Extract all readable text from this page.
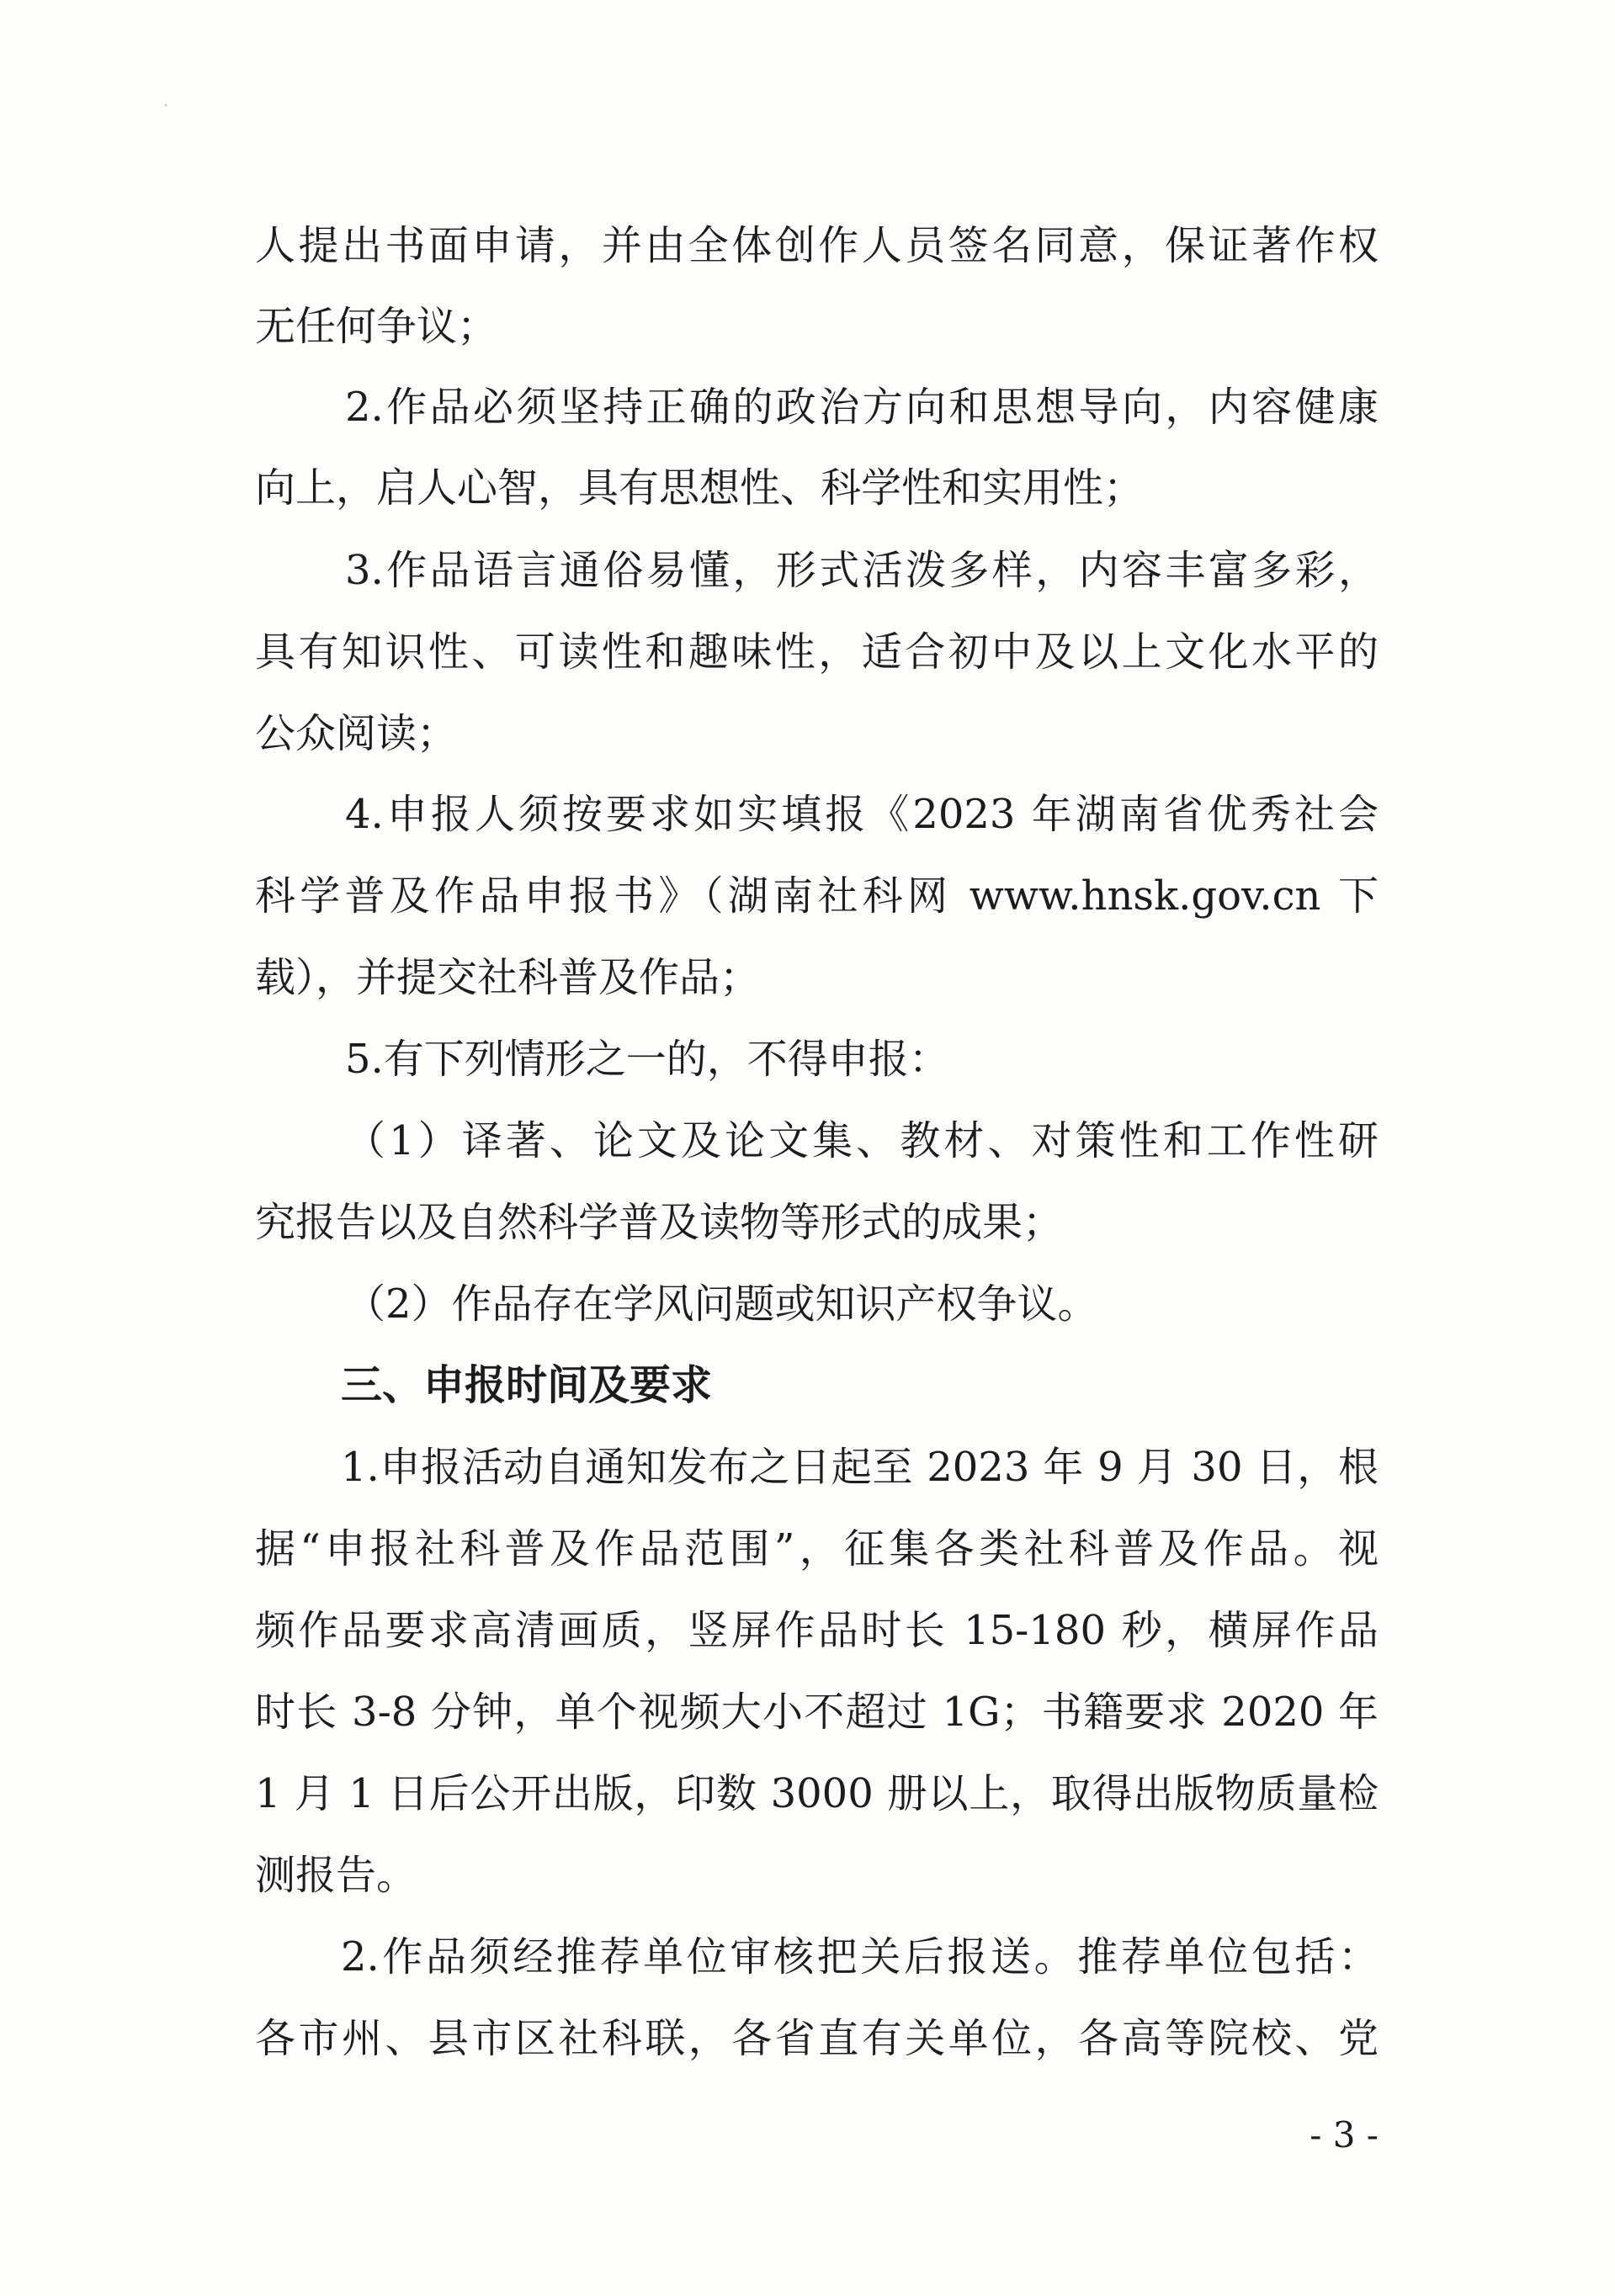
人提出书面申请，并由全体创作人员签名同意，保证著作权
无任何争议；
2.作品必须坚持正确的政治方向和思想导向，内容健康
向上，启人心智，具有思想性、科学性和实用性；
3.作品语言通俗易懂，形式活泼多样，内容丰富多彩，
具有知识性、可读性和趣味性，适合初中及以上文化水平的
公众阅读；
4.申报人须按要求如实填报《2023 年湖南省优秀社会
科学普及作品申报书》（湖南社科网 www.hnsk.gov.cn 下
载），并提交社科普及作品；
5.有下列情形之一的，不得申报：
（1）译著、论文及论文集、教材、对策性和工作性研
究报告以及自然科学普及读物等形式的成果；
（2）作品存在学风问题或知识产权争议。
三、申报时间及要求
1.申报活动自通知发布之日起至 2023 年 9 月 30 日，根
据“申报社科普及作品范围”，征集各类社科普及作品。视
频作品要求高清画质，竖屏作品时长 15-180 秒，横屏作品
时长 3-8 分钟，单个视频大小不超过 1G；书籍要求 2020 年
1 月 1 日后公开出版，印数 3000 册以上，取得出版物质量检
测报告。
2.作品须经推荐单位审核把关后报送。推荐单位包括：
各市州、县市区社科联，各省直有关单位，各高等院校、党
- 3 -
